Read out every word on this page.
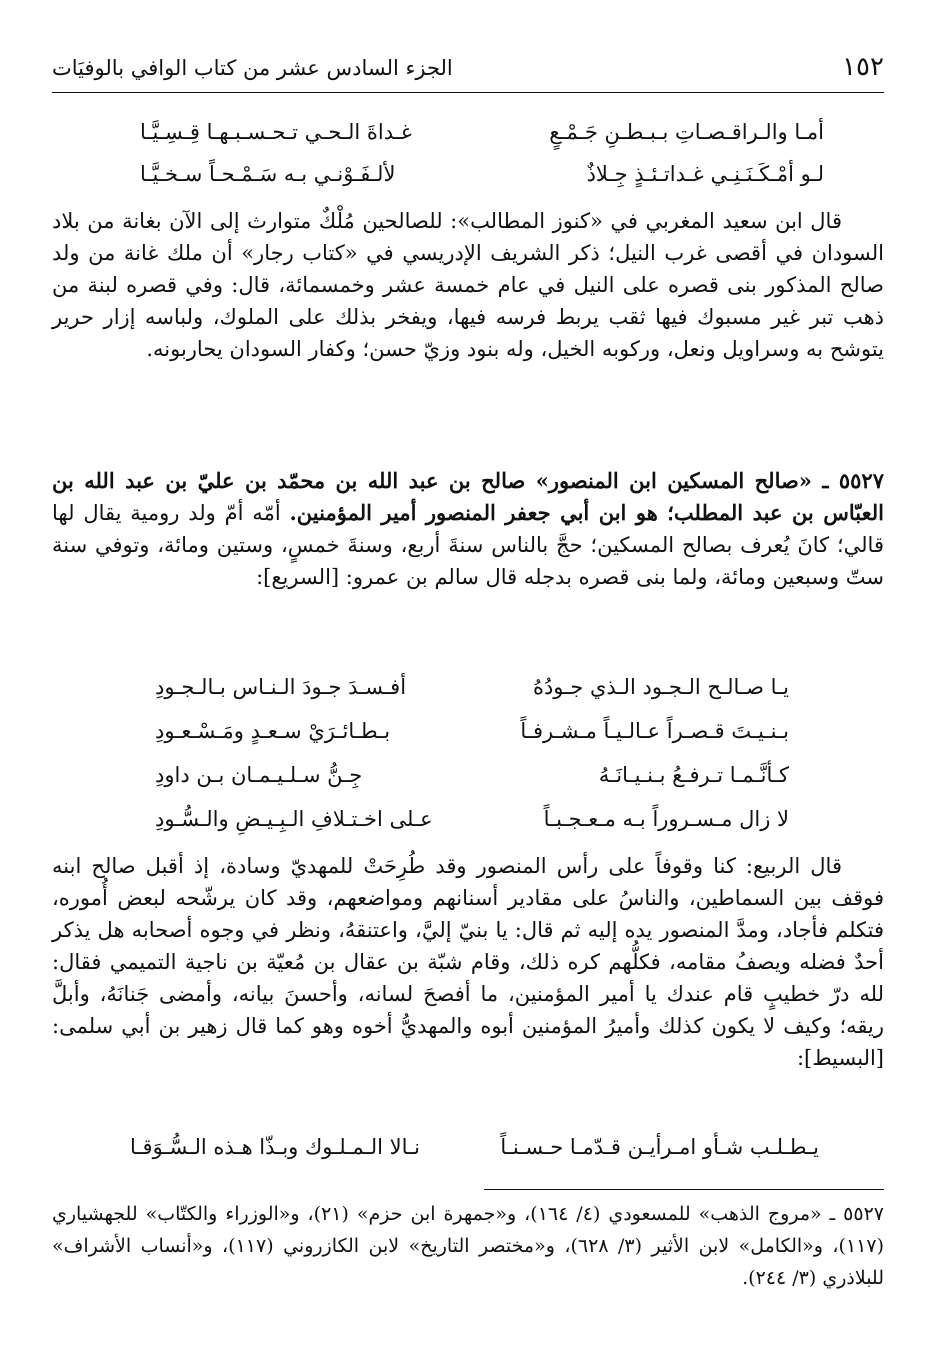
١٥٢
الجزء السادس عشر من كتاب الوافي بالوفيَات
أمـا والـراقـصـاتِ بـبـطـنِ جَـمْـعٍ
غـداةَ الـحـي تـحـسـبـهـا قِـسِـيَّـا
لـو أمْـكَـنَـنِـي غـداتـئـذٍ جِـلاذٌ
لألـفَـوْنـي بـه سَـمْـحـاً سـخـيَّـا
قال ابن سعيد المغربي في «كنوز المطالب»: للصالحين مُلْكٌ متوارث إلى الآن بغانة من بلاد السودان في أقصى غرب النيل؛ ذكر الشريف الإدريسي في «كتاب رجار» أن ملك غانة من ولد صالح المذكور بنى قصره على النيل في عام خمسة عشر وخمسمائة، قال: وفي قصره لبنة من ذهب تبر غير مسبوك فيها ثقب يربط فرسه فيها، ويفخر بذلك على الملوك، ولباسه إزار حرير يتوشح به وسراويل ونعل، وركوبه الخيل، وله بنود وزيّ حسن؛ وكفار السودان يحاربونه.
٥٥٢٧ ـ «صالح المسكين ابن المنصور» صالح بن عبد الله بن محمّد بن عليّ بن عبد الله بن العبّاس بن عبد المطلب؛ هو ابن أبي جعفر المنصور أمير المؤمنين. أمّه أمّ ولد رومية يقال لها قالي؛ كانَ يُعرف بصالح المسكين؛ حجَّ بالناس سنةَ أربع، وسنةَ خمسٍ، وستين ومائة، وتوفي سنة ستّ وسبعين ومائة، ولما بنى قصره بدجله قال سالم بن عمرو: [السريع]:
يـا صـالـح الـجـود الـذي جـودُهُ
أفـسـدَ جـودَ الـنـاس بـالـجـودِ
بـنـيـتَ قـصـراً عـالـيـاً مـشـرفـاً
بـطـائـرَيْ سـعـدٍ ومَـسْـعـودِ
كـأنَّـمـا تـرفـعُ بـنـيـانَـهُ
جِـنُّ سـلـيـمـان بـن داودِ
لا زال مـسـروراً بـه مـعـجـبـاً
عـلى اخـتـلافِ الـبِـيـضِ والـسُّـودِ
قال الربيع: كنا وقوفاً على رأس المنصور وقد طُرِحَتْ للمهديّ وسادة، إذ أقبل صالح ابنه فوقف بين السماطين، والناسُ على مقادير أسنانهم ومواضعهم، وقد كان يرشّحه لبعض أُموره، فتكلم فأجاد، ومدَّ المنصور يده إليه ثم قال: يا بنيّ إليَّ، واعتنقهُ، ونظر في وجوه أصحابه هل يذكر أحدٌ فضله ويصفُ مقامه، فكلُّهم كره ذلك، وقام شبّة بن عقال بن مُعيّة بن ناجية التميمي فقال: لله درّ خطيبٍ قام عندك يا أمير المؤمنين، ما أفصحَ لسانه، وأحسنَ بيانه، وأمضى جَنانَهُ، وأبلَّ ريقه؛ وكيف لا يكون كذلك وأميرُ المؤمنين أبوه والمهديُّ أخوه وهو كما قال زهير بن أبي سلمى: [البسيط]:
يـطـلـب شـأو امـرأيـن قـدّمـا حـسـنـاً
نـالا الـمـلـوك وبـذّا هـذه الـسُّـوَقـا
٥٥٢٧ ـ «مروج الذهب» للمسعودي (٤/ ١٦٤)، و«جمهرة ابن حزم» (٢١)، و«الوزراء والكتّاب» للجهشياري (١١٧)، و«الكامل» لابن الأثير (٣/ ٦٢٨)، و«مختصر التاريخ» لابن الكازروني (١١٧)، و«أنساب الأشراف» للبلاذري (٣/ ٢٤٤).
